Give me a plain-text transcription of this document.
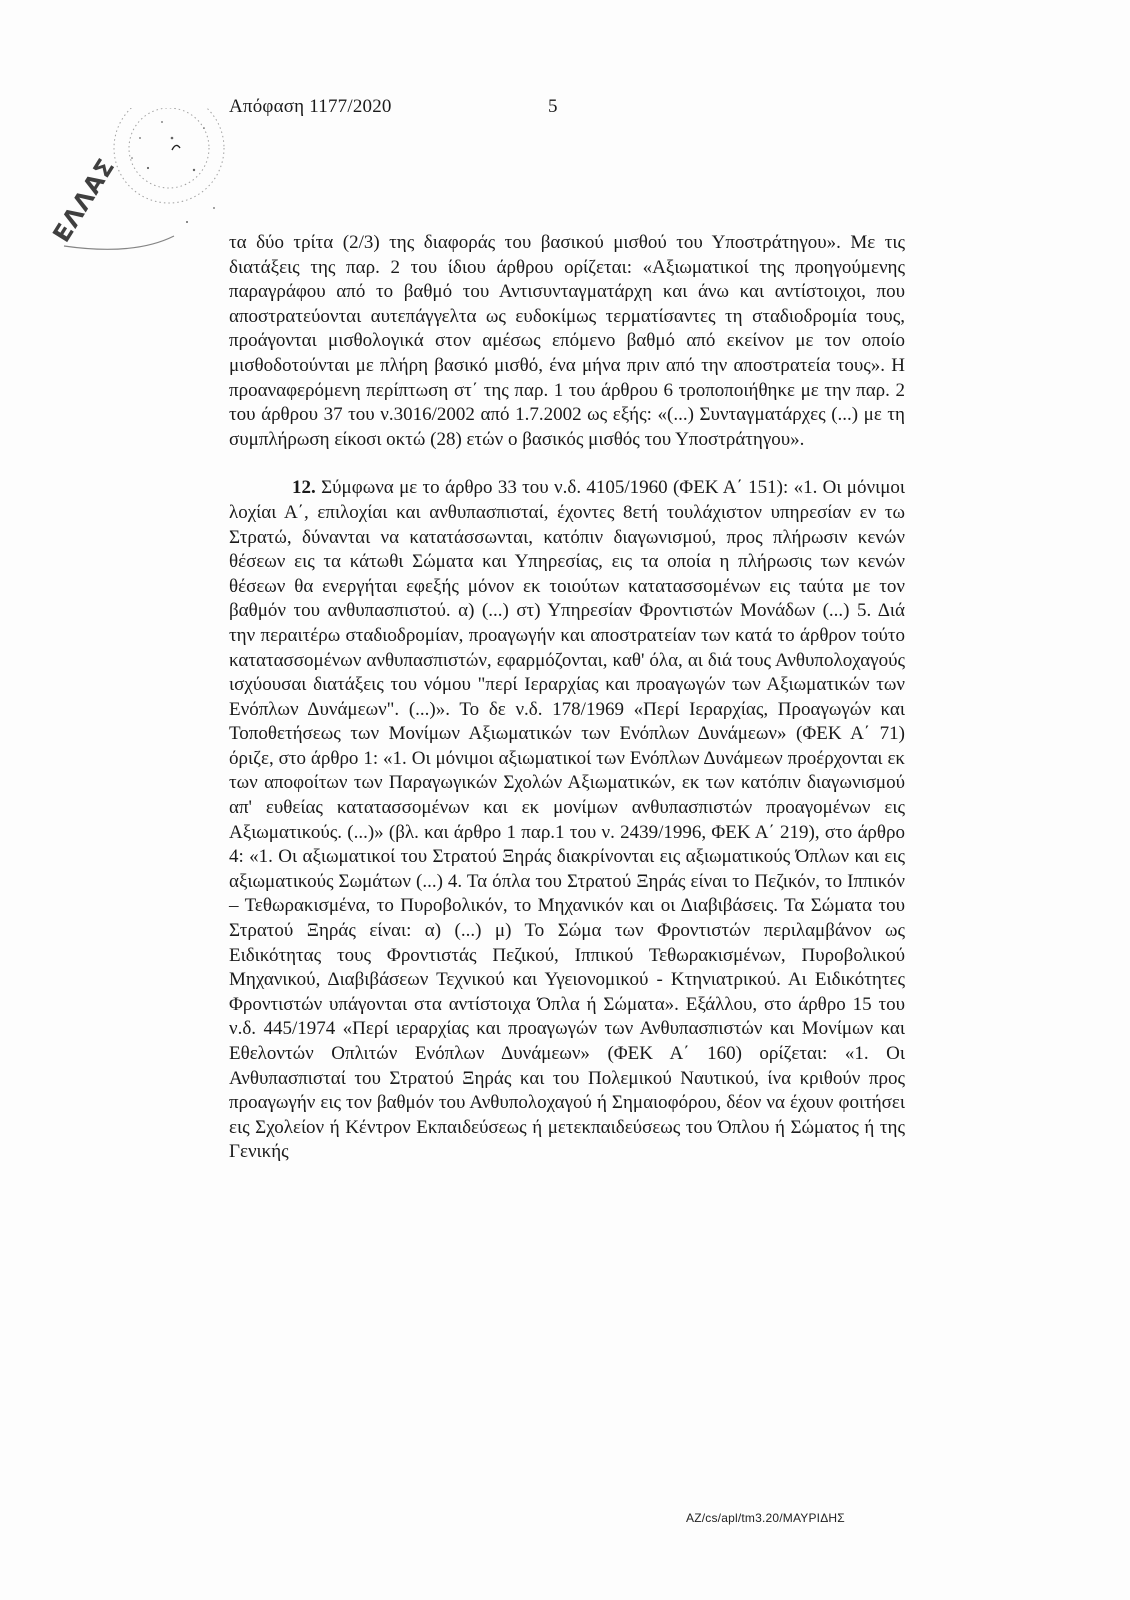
Απόφαση 1177/2020	5
ΕΛΛΑΣ	τα δύο τρίτα (2/3) της διαφοράς του βασικού μισθού του Υποστράτηγου». Με τις διατάξεις της παρ. 2 του ίδιου άρθρου ορίζεται: «Αξιωματικοί της προηγούμενης παραγράφου από το βαθμό του Αντισυνταγματάρχη και άνω και αντίστοιχοι, που αποστρατεύονται αυτεπάγγελτα ως ευδοκίμως τερματίσαντες τη σταδιοδρομία τους, προάγονται μισθολογικά στον αμέσως επόμενο βαθμό από εκείνον με τον οποίο μισθοδοτούνται με πλήρη βασικό μισθό, ένα μήνα πριν από την αποστρατεία τους». Η προαναφερόμενη περίπτωση στ΄ της παρ. 1 του άρθρου 6 τροποποιήθηκε με την παρ. 2 του άρθρου 37 του ν.3016/2002 από 1.7.2002 ως εξής: «(...) Συνταγματάρχες (...) με τη συμπλήρωση είκοσι οκτώ (28) ετών ο βασικός μισθός του Υποστράτηγου».

12. Σύμφωνα με το άρθρο 33 του ν.δ. 4105/1960 (ΦΕΚ Α΄ 151): «1. Οι μόνιμοι λοχίαι Α΄, επιλοχίαι και ανθυπασπισταί, έχοντες 8ετή τουλάχιστον υπηρεσίαν εν τω Στρατώ, δύνανται να κατατάσσωνται, κατόπιν διαγωνισμού, προς πλήρωσιν κενών θέσεων εις τα κάτωθι Σώματα και Υπηρεσίας, εις τα οποία η πλήρωσις των κενών θέσεων θα ενεργήται εφεξής μόνον εκ τοιούτων κατατασσομένων εις ταύτα με τον βαθμόν του ανθυπασπιστού. α) (...) στ) Υπηρεσίαν Φροντιστών Μονάδων (...) 5. Διά την περαιτέρω σταδιοδρομίαν, προαγωγήν και αποστρατείαν των κατά το άρθρον τούτο κατατασσομένων ανθυπασπιστών, εφαρμόζονται, καθ' όλα, αι διά τους Ανθυπολοχαγούς ισχύουσαι διατάξεις του νόμου "περί Ιεραρχίας και προαγωγών των Αξιωματικών των Ενόπλων Δυνάμεων". (...)». Το δε ν.δ. 178/1969 «Περί Ιεραρχίας, Προαγωγών και Τοποθετήσεως των Μονίμων Αξιωματικών των Ενόπλων Δυνάμεων» (ΦΕΚ Α΄ 71) όριζε, στο άρθρο 1: «1. Οι μόνιμοι αξιωματικοί των Ενόπλων Δυνάμεων προέρχονται εκ των αποφοίτων των Παραγωγικών Σχολών Αξιωματικών, εκ των κατόπιν διαγωνισμού απ' ευθείας κατατασσομένων και εκ μονίμων ανθυπασπιστών προαγομένων εις Αξιωματικούς. (...)» (βλ. και άρθρο 1 παρ.1 του ν. 2439/1996, ΦΕΚ Α΄ 219), στο άρθρο 4: «1. Οι αξιωματικοί του Στρατού Ξηράς διακρίνονται εις αξιωματικούς Όπλων και εις αξιωματικούς Σωμάτων (...) 4. Τα όπλα του Στρατού Ξηράς είναι το Πεζικόν, το Ιππικόν – Τεθωρακισμένα, το Πυροβολικόν, το Μηχανικόν και οι Διαβιβάσεις. Τα Σώματα του Στρατού Ξηράς είναι: α) (...) μ) Το Σώμα των Φροντιστών περιλαμβάνον ως Ειδικότητας τους Φροντιστάς Πεζικού, Ιππικού Τεθωρακισμένων, Πυροβολικού Μηχανικού, Διαβιβάσεων Τεχνικού και Υγειονομικού - Κτηνιατρικού. Αι Ειδικότητες Φροντιστών υπάγονται στα αντίστοιχα Όπλα ή Σώματα». Εξάλλου, στο άρθρο 15 του ν.δ. 445/1974 «Περί ιεραρχίας και προαγωγών των Ανθυπασπιστών και Μονίμων και Εθελοντών Οπλιτών Ενόπλων Δυνάμεων» (ΦΕΚ Α΄ 160) ορίζεται: «1. Οι Ανθυπασπισταί του Στρατού Ξηράς και του Πολεμικού Ναυτικού, ίνα κριθούν προς προαγωγήν εις τον βαθμόν του Ανθυπολοχαγού ή Σημαιοφόρου, δέον να έχουν φοιτήσει εις Σχολείον ή Κέντρον Εκπαιδεύσεως ή μετεκπαιδεύσεως του Όπλου ή Σώματος ή της Γενικής

ΑΖ/cs/apl/tm3.20/ΜΑΥΡΙΔΗΣ
